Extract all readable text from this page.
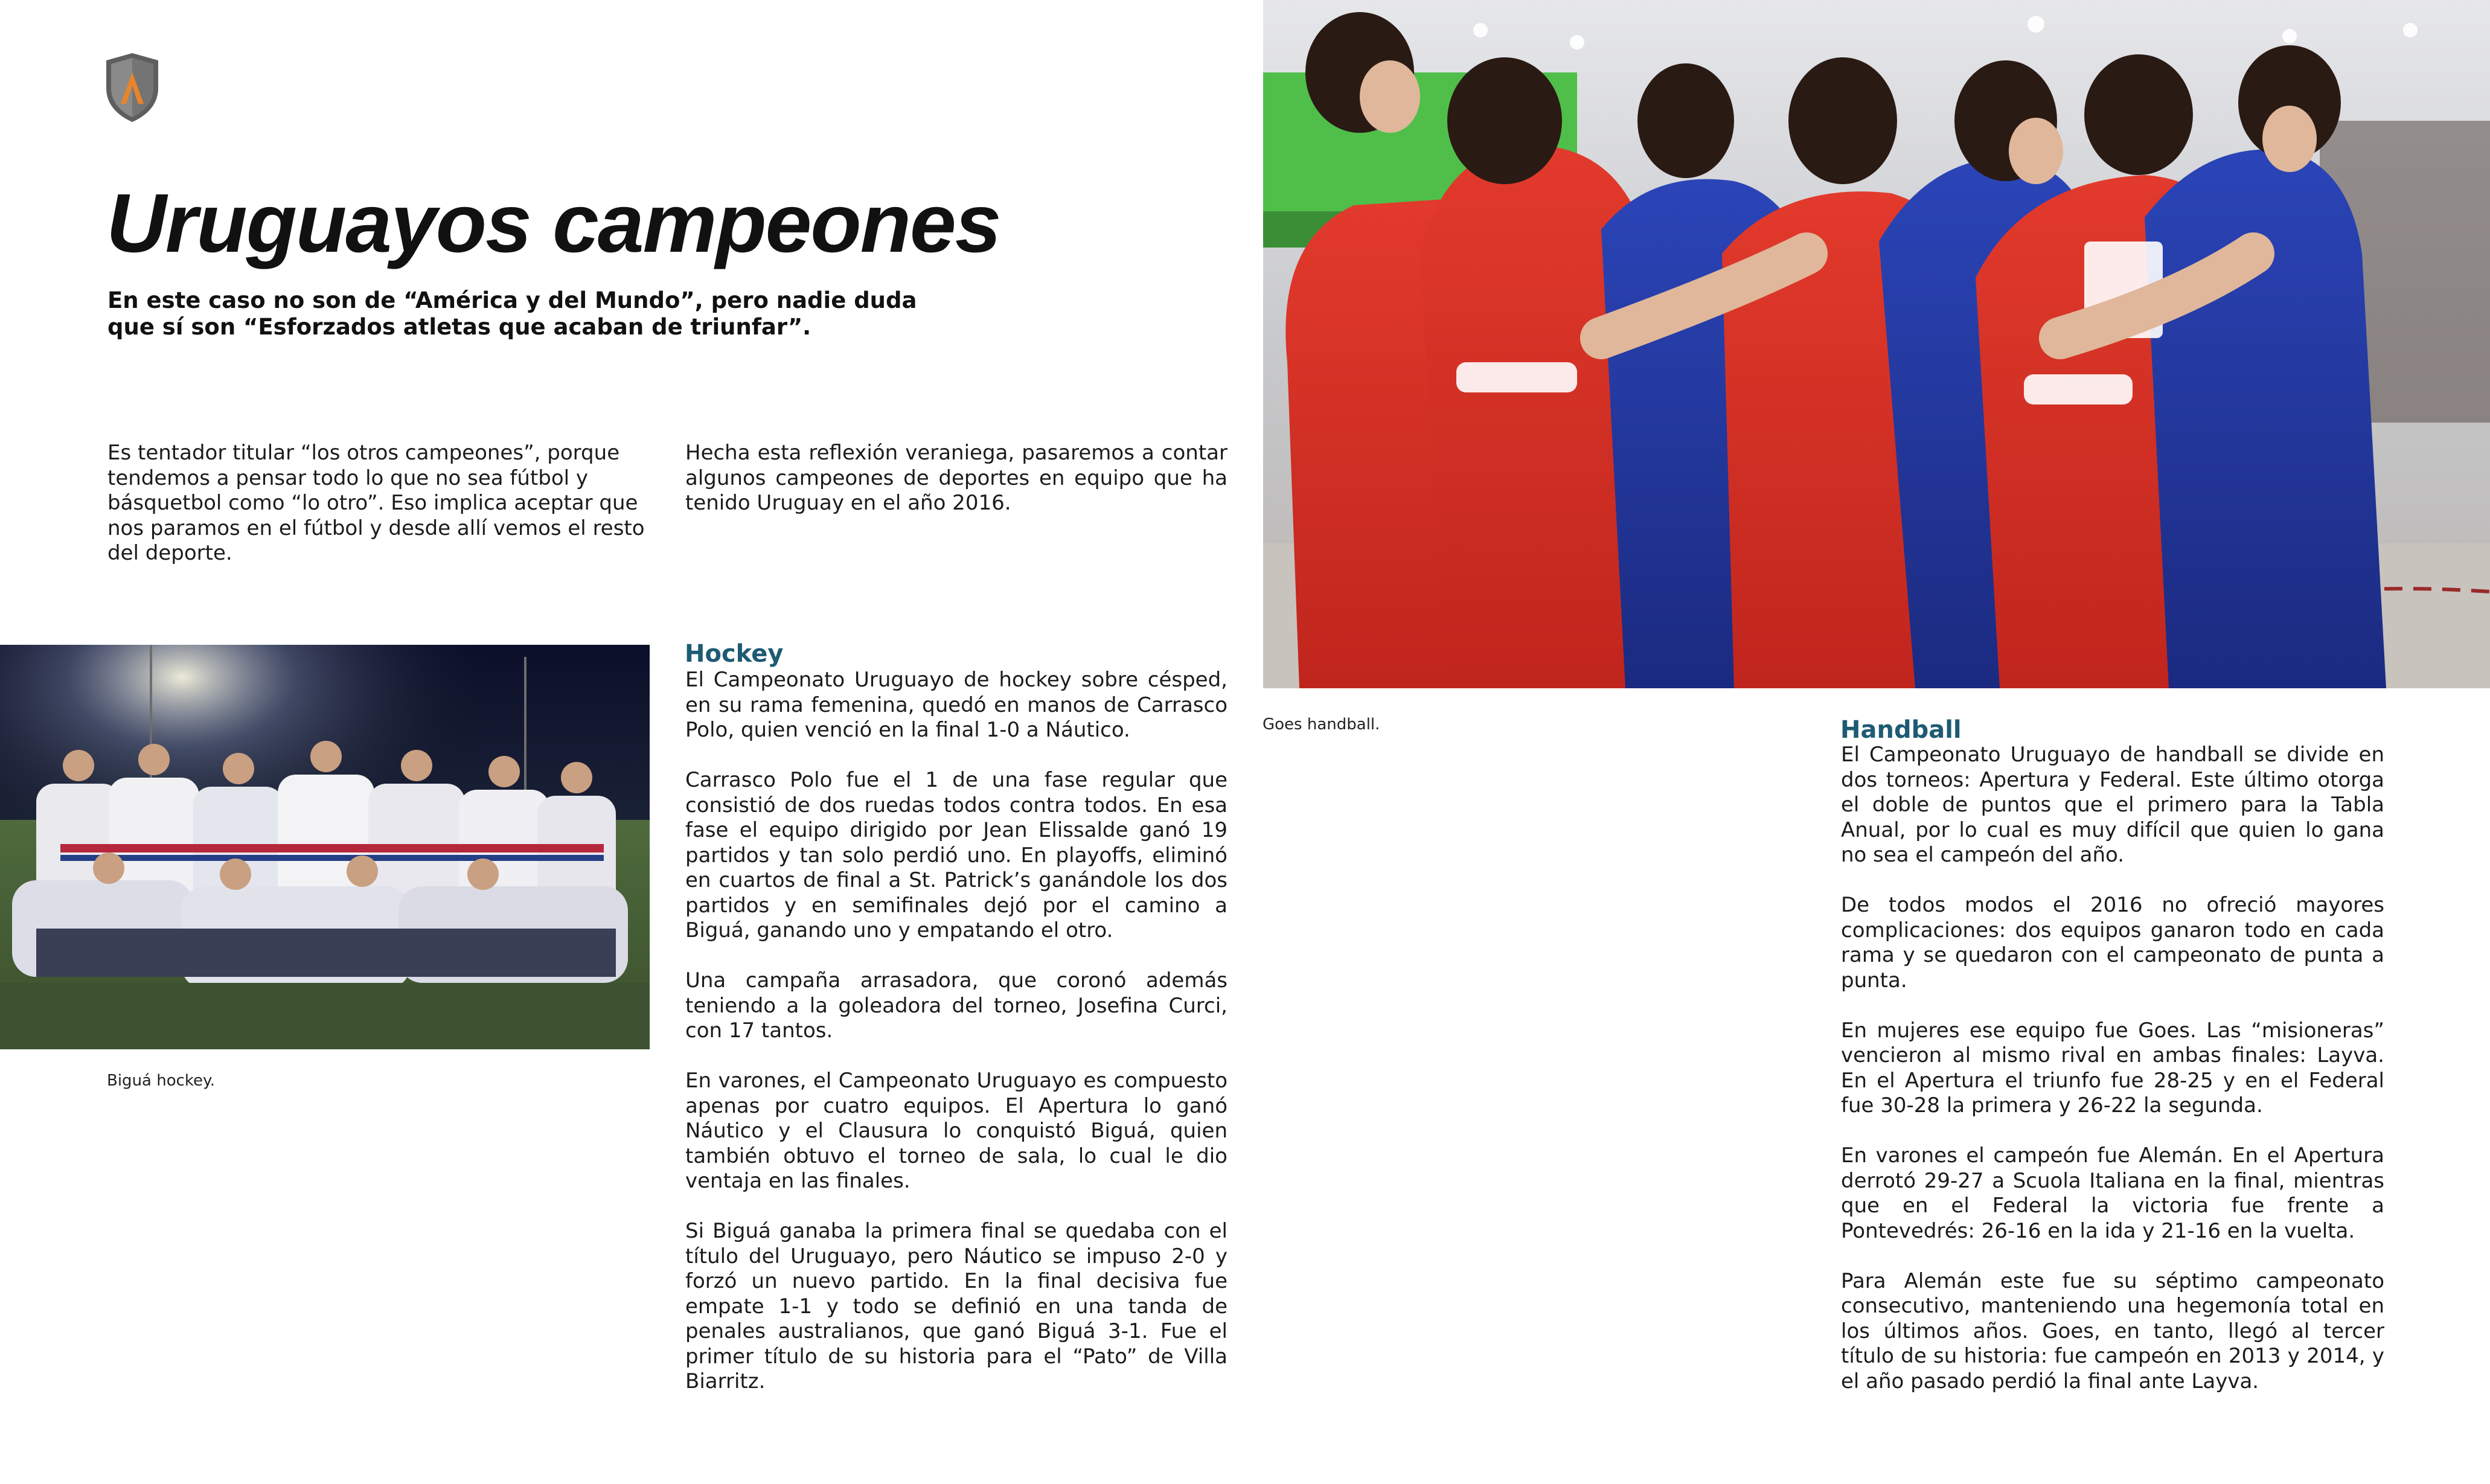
Uruguayos campeones

En este caso no son de “América y del Mundo”, pero nadie duda que sí son “Esforzados atletas que acaban de triunfar”.

Es tentador titular “los otros campeones”, porque tendemos a pensar todo lo que no sea fútbol y básquetbol como “lo otro”. Eso implica aceptar que nos paramos en el fútbol y desde allí vemos el resto del deporte.

Hecha esta reflexión veraniega, pasaremos a contar algunos campeones de deportes en equipo que ha tenido Uruguay en el año 2016.

Biguá hockey.

Hockey

El Campeonato Uruguayo de hockey sobre césped, en su rama femenina, quedó en manos de Carrasco Polo, quien venció en la final 1-0 a Náutico.

Carrasco Polo fue el 1 de una fase regular que consistió de dos ruedas todos contra todos. En esa fase el equipo dirigido por Jean Elissalde ganó 19 partidos y tan solo perdió uno. En playoffs, eliminó en cuartos de final a St. Patrick’s ganándole los dos partidos y en semifinales dejó por el camino a Biguá, ganando uno y empatando el otro.

Una campaña arrasadora, que coronó además teniendo a la goleadora del torneo, Josefina Curci, con 17 tantos.

En varones, el Campeonato Uruguayo es compuesto apenas por cuatro equipos. El Apertura lo ganó Náutico y el Clausura lo conquistó Biguá, quien también obtuvo el torneo de sala, lo cual le dio ventaja en las finales.

Si Biguá ganaba la primera final se quedaba con el título del Uruguayo, pero Náutico se impuso 2-0 y forzó un nuevo partido. En la final decisiva fue empate 1-1 y todo se definió en una tanda de penales australianos, que ganó Biguá 3-1. Fue el primer título de su historia para el “Pato” de Villa Biarritz.

Goes handball.	Handball

El Campeonato Uruguayo de handball se divide en dos torneos: Apertura y Federal. Este último otorga el doble de puntos que el primero para la Tabla Anual, por lo cual es muy difícil que quien lo gana no sea el campeón del año.

De todos modos el 2016 no ofreció mayores complicaciones: dos equipos ganaron todo en cada rama y se quedaron con el campeonato de punta a punta.

En mujeres ese equipo fue Goes. Las “misioneras” vencieron al mismo rival en ambas finales: Layva. En el Apertura el triunfo fue 28-25 y en el Federal fue 30-28 la primera y 26-22 la segunda.

En varones el campeón fue Alemán. En el Apertura derrotó 29-27 a Scuola Italiana en la final, mientras que en el Federal la victoria fue frente a Pontevedrés: 26-16 en la ida y 21-16 en la vuelta.

Para Alemán este fue su séptimo campeonato consecutivo, manteniendo una hegemonía total en los últimos años. Goes, en tanto, llegó al tercer título de su historia: fue campeón en 2013 y 2014, y el año pasado perdió la final ante Layva.
